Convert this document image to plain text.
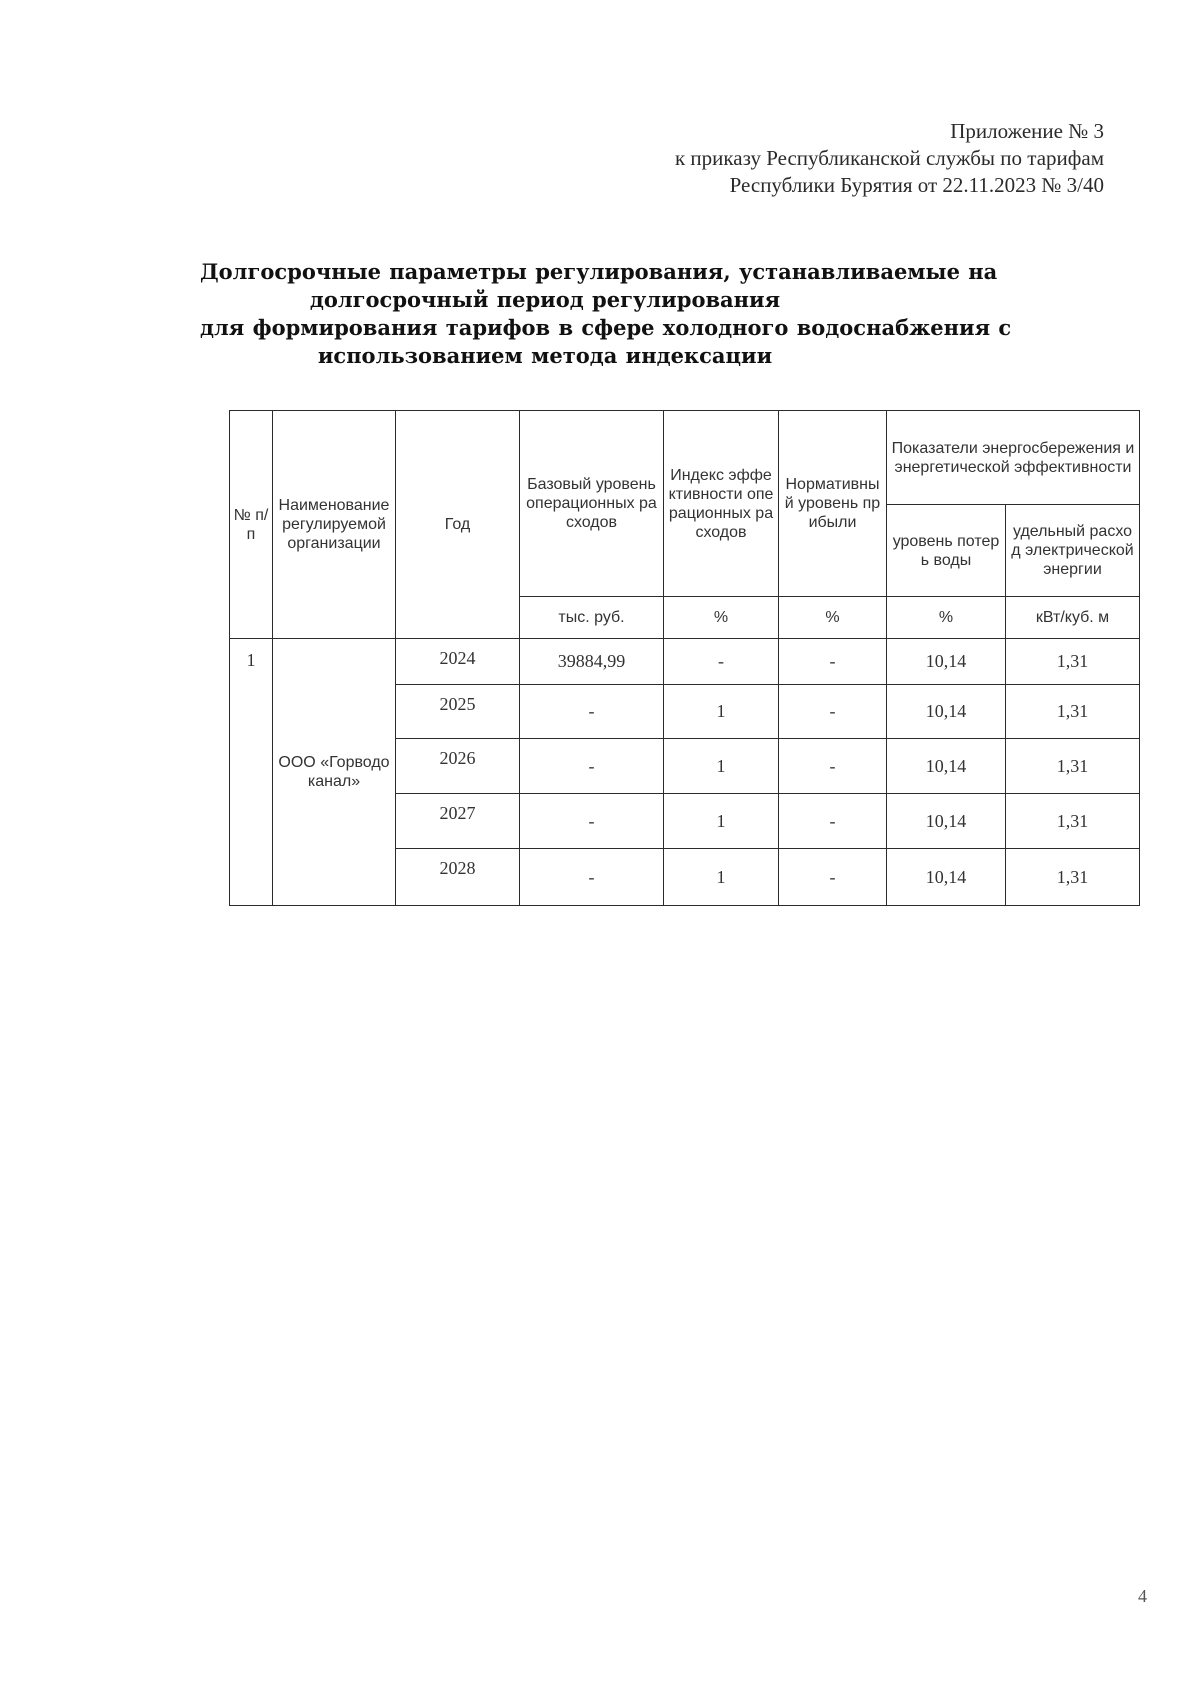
Приложение № 3
к приказу Республиканской службы по тарифам
Республики Бурятия от 22.11.2023 № 3/40
Долгосрочные параметры регулирования, устанавливаемые на
долгосрочный период регулирования
для формирования тарифов в сфере холодного водоснабжения с
использованием метода индексации
№ п/п	Наименование регулируемой организации	Год	Базовый уровень операционных расходов	Индекс эффективности операционных расходов	Нормативный уровень прибыли	Показатели энергосбережения и энергетической эффективности	
						уровень потерь воды	удельный расход электрической энергии
			тыс. руб.	%	%	%	кВт/куб. м
1	ООО «Горводоканал»	2024	39884,99	-	-	10,14	1,31
		2025	-	1	-	10,14	1,31
		2026	-	1	-	10,14	1,31
		2027	-	1	-	10,14	1,31
		2028	-	1	-	10,14	1,31
4
